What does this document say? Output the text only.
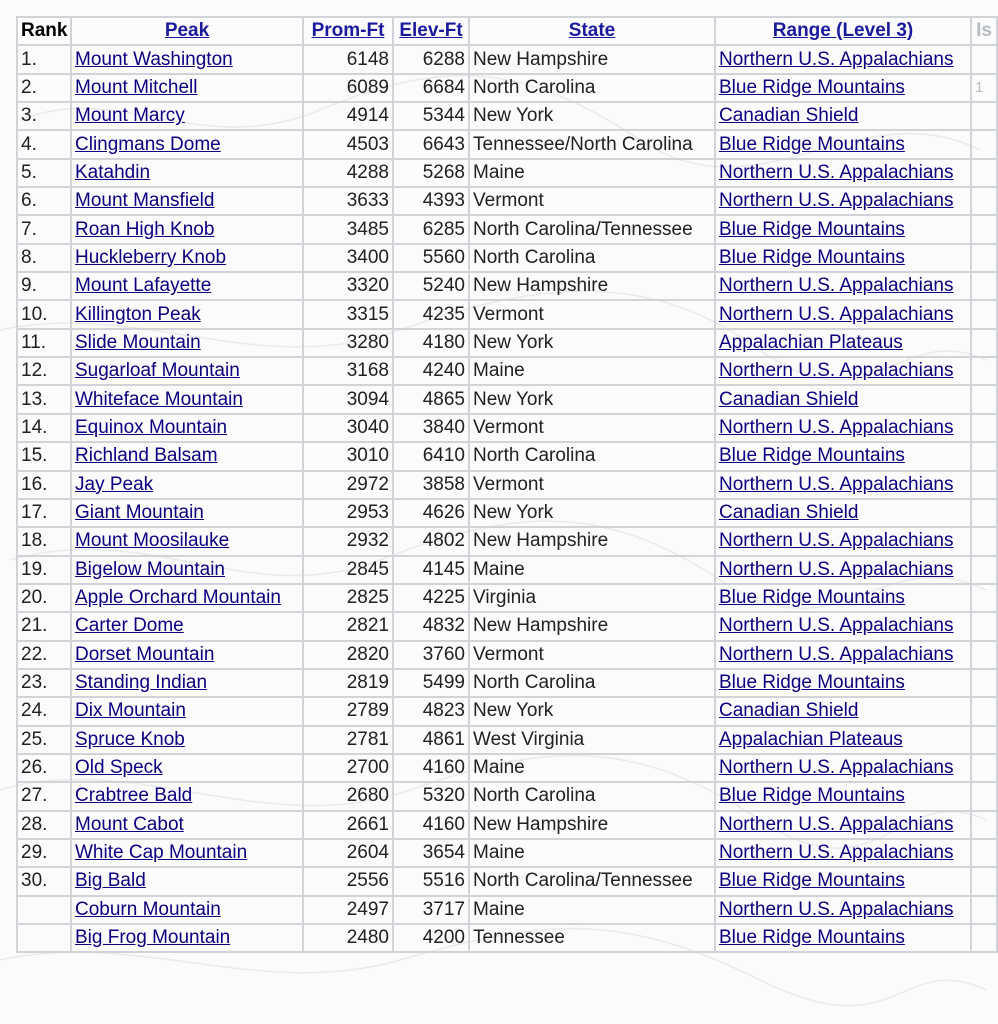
Rank	Peak	Prom-Ft	Elev-Ft	State	Range (Level 3)	Is
1.	Mount Washington	6148	6288	New Hampshire	Northern U.S. Appalachians	
2.	Mount Mitchell	6089	6684	North Carolina	Blue Ridge Mountains	1
3.	Mount Marcy	4914	5344	New York	Canadian Shield	
4.	Clingmans Dome	4503	6643	Tennessee/North Carolina	Blue Ridge Mountains	
5.	Katahdin	4288	5268	Maine	Northern U.S. Appalachians	
6.	Mount Mansfield	3633	4393	Vermont	Northern U.S. Appalachians	
7.	Roan High Knob	3485	6285	North Carolina/Tennessee	Blue Ridge Mountains	
8.	Huckleberry Knob	3400	5560	North Carolina	Blue Ridge Mountains	
9.	Mount Lafayette	3320	5240	New Hampshire	Northern U.S. Appalachians	
10.	Killington Peak	3315	4235	Vermont	Northern U.S. Appalachians	
11.	Slide Mountain	3280	4180	New York	Appalachian Plateaus	
12.	Sugarloaf Mountain	3168	4240	Maine	Northern U.S. Appalachians	
13.	Whiteface Mountain	3094	4865	New York	Canadian Shield	
14.	Equinox Mountain	3040	3840	Vermont	Northern U.S. Appalachians	
15.	Richland Balsam	3010	6410	North Carolina	Blue Ridge Mountains	
16.	Jay Peak	2972	3858	Vermont	Northern U.S. Appalachians	
17.	Giant Mountain	2953	4626	New York	Canadian Shield	
18.	Mount Moosilauke	2932	4802	New Hampshire	Northern U.S. Appalachians	
19.	Bigelow Mountain	2845	4145	Maine	Northern U.S. Appalachians	
20.	Apple Orchard Mountain	2825	4225	Virginia	Blue Ridge Mountains	
21.	Carter Dome	2821	4832	New Hampshire	Northern U.S. Appalachians	
22.	Dorset Mountain	2820	3760	Vermont	Northern U.S. Appalachians	
23.	Standing Indian	2819	5499	North Carolina	Blue Ridge Mountains	
24.	Dix Mountain	2789	4823	New York	Canadian Shield	
25.	Spruce Knob	2781	4861	West Virginia	Appalachian Plateaus	
26.	Old Speck	2700	4160	Maine	Northern U.S. Appalachians	
27.	Crabtree Bald	2680	5320	North Carolina	Blue Ridge Mountains	
28.	Mount Cabot	2661	4160	New Hampshire	Northern U.S. Appalachians	
29.	White Cap Mountain	2604	3654	Maine	Northern U.S. Appalachians	
30.	Big Bald	2556	5516	North Carolina/Tennessee	Blue Ridge Mountains	
	Coburn Mountain	2497	3717	Maine	Northern U.S. Appalachians	
	Big Frog Mountain	2480	4200	Tennessee	Blue Ridge Mountains	
